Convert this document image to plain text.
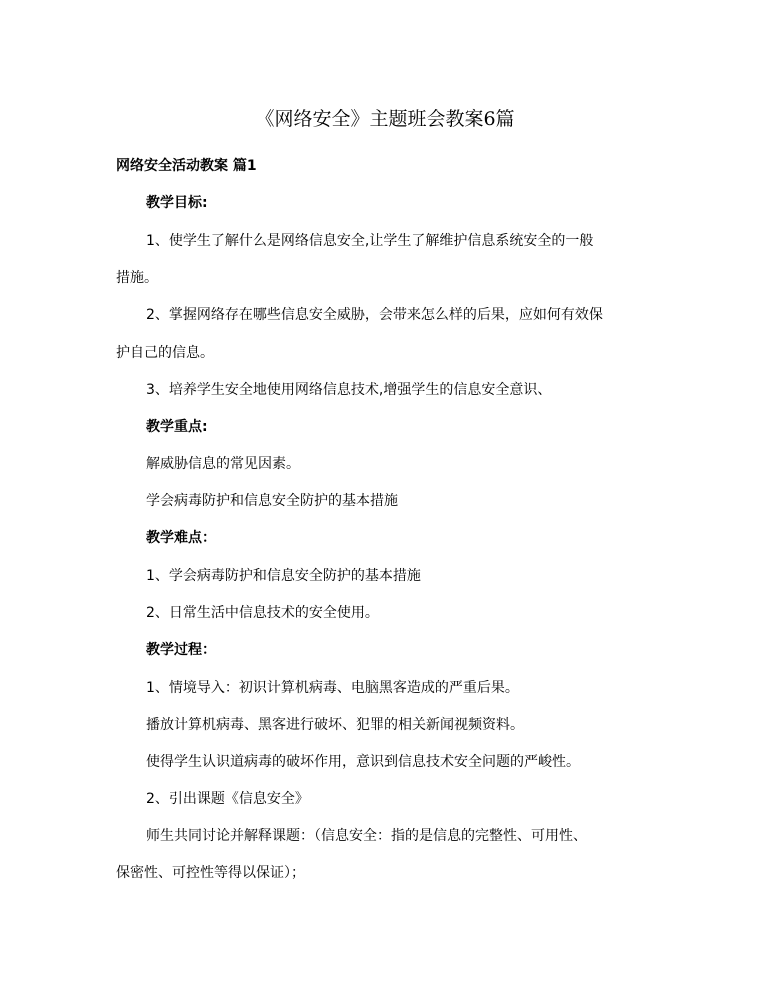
《网络安全》主题班会教案6篇
网络安全活动教案 篇1
教学目标:
1、使学生了解什么是网络信息安全,让学生了解维护信息系统安全的一般
措施。
2、掌握网络存在哪些信息安全威胁，会带来怎么样的后果，应如何有效保
护自己的信息。
3、培养学生安全地使用网络信息技术,增强学生的信息安全意识、
教学重点:
解威胁信息的常见因素。
学会病毒防护和信息安全防护的基本措施
教学难点：
1、学会病毒防护和信息安全防护的基本措施
2、日常生活中信息技术的安全使用。
教学过程：
1、情境导入：初识计算机病毒、电脑黑客造成的严重后果。
播放计算机病毒、黑客进行破坏、犯罪的相关新闻视频资料。
使得学生认识道病毒的破坏作用，意识到信息技术安全问题的严峻性。
2、引出课题《信息安全》
师生共同讨论并解释课题：（信息安全：指的是信息的完整性、可用性、
保密性、可控性等得以保证）；
